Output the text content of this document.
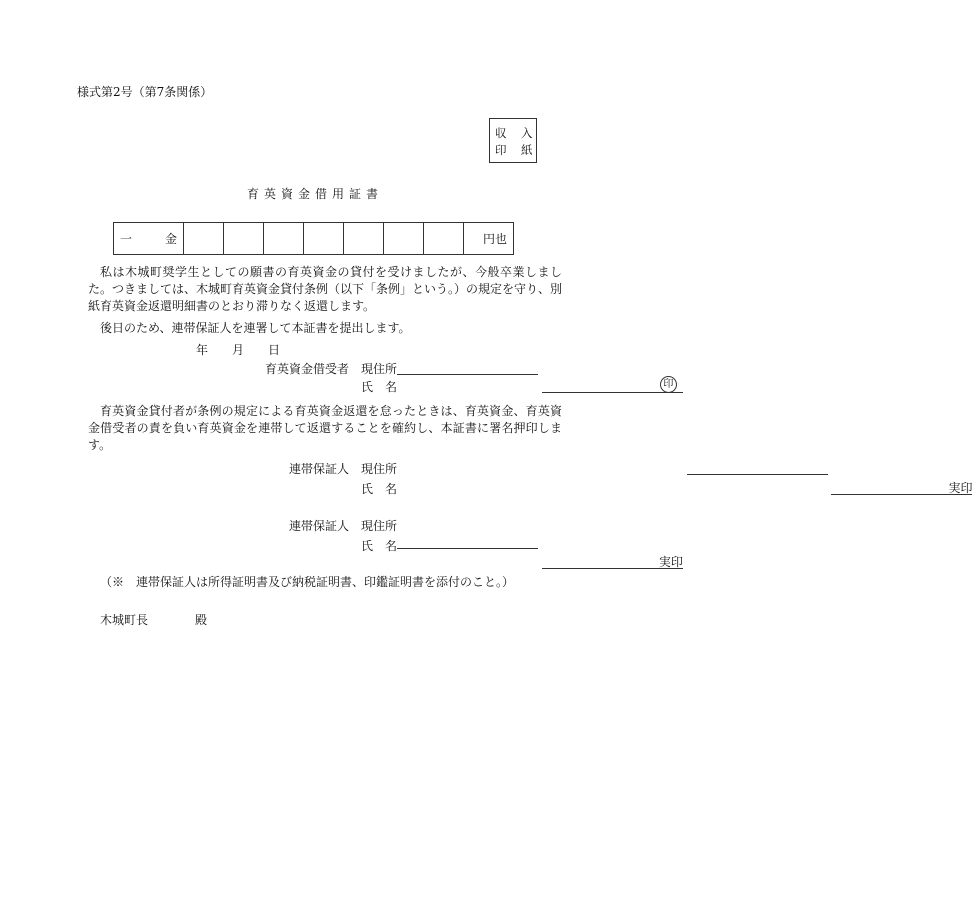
様式第2号（第7条関係）
収 入
印 紙
育英資金借用証書
一	金								円也
私は木城町奨学生としての願書の育英資金の貸付を受けましたが、今般卒業しました。つきましては、木城町育英資金貸付条例（以下「条例」という。）の規定を守り、別紙育英資金返還明細書のとおり滞りなく返還します。
後日のため、連帯保証人を連署して本証書を提出します。
年 月 日
育英資金借受者 現住所

氏　名	印

育英資金貸付者が条例の規定による育英資金返還を怠ったときは、育英資金、育英資金借受者の責を負い育英資金を連帯して返還することを確約し、本証書に署名押印します。
連帯保証人 現住所

氏　名	実印

連帯保証人 現住所

氏　名
実印
（※　連帯保証人は所得証明書及び納税証明書、印鑑証明書を添付のこと。）
木城町長	殿
